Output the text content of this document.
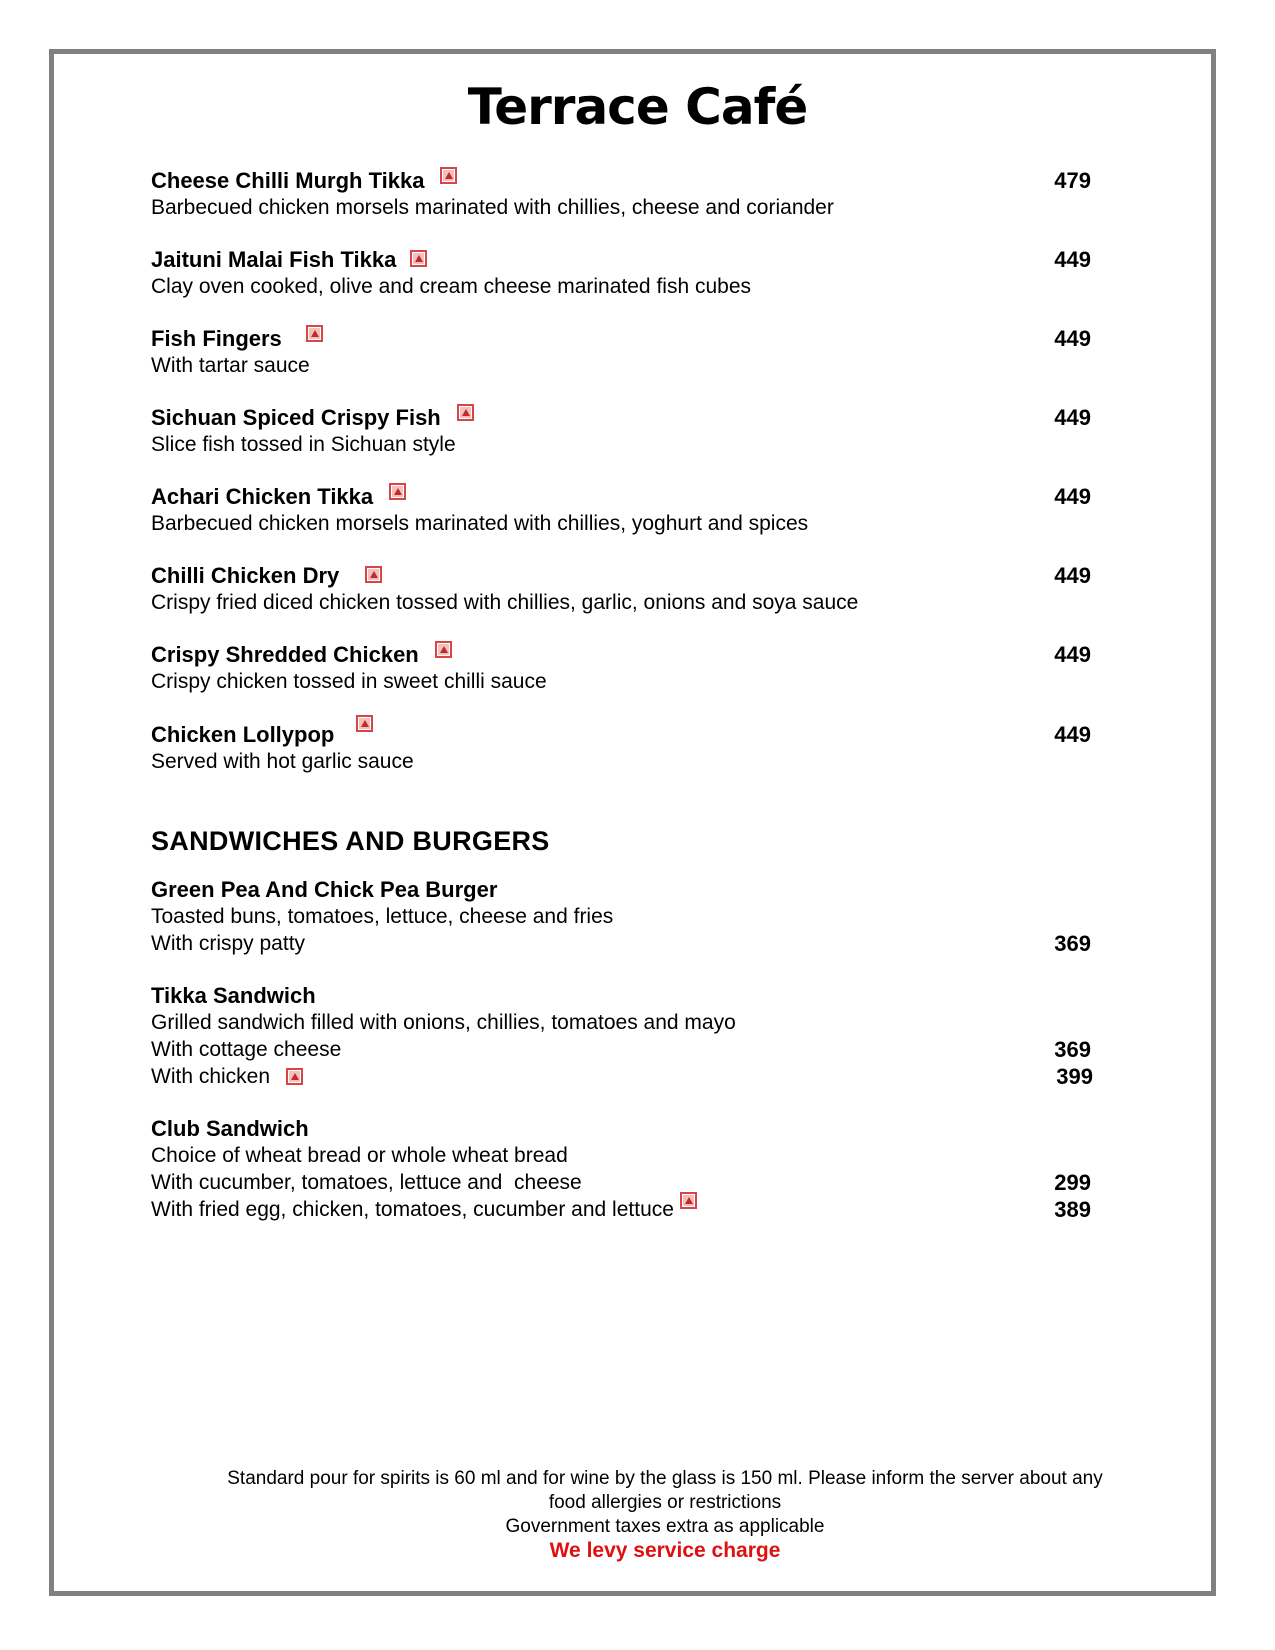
Terrace Café
Cheese Chilli Murgh Tikka	479
Barbecued chicken morsels marinated with chillies, cheese and coriander
Jaituni Malai Fish Tikka	449
Clay oven cooked, olive and cream cheese marinated fish cubes
Fish Fingers	449
With tartar sauce
Sichuan Spiced Crispy Fish	449
Slice fish tossed in Sichuan style
Achari Chicken Tikka	449
Barbecued chicken morsels marinated with chillies, yoghurt and spices
Chilli Chicken Dry	449
Crispy fried diced chicken tossed with chillies, garlic, onions and soya sauce
Crispy Shredded Chicken	449
Crispy chicken tossed in sweet chilli sauce
Chicken Lollypop	449
Served with hot garlic sauce
SANDWICHES AND BURGERS
Green Pea And Chick Pea Burger
Toasted buns, tomatoes, lettuce, cheese and fries
With crispy patty	369
Tikka Sandwich
Grilled sandwich filled with onions, chillies, tomatoes and mayo
With cottage cheese	369
With chicken	399
Club Sandwich
Choice of wheat bread or whole wheat bread
With cucumber, tomatoes, lettuce and  cheese	299
With fried egg, chicken, tomatoes, cucumber and lettuce	389
Standard pour for spirits is 60 ml and for wine by the glass is 150 ml. Please inform the server about any
food allergies or restrictions
Government taxes extra as applicable
We levy service charge
